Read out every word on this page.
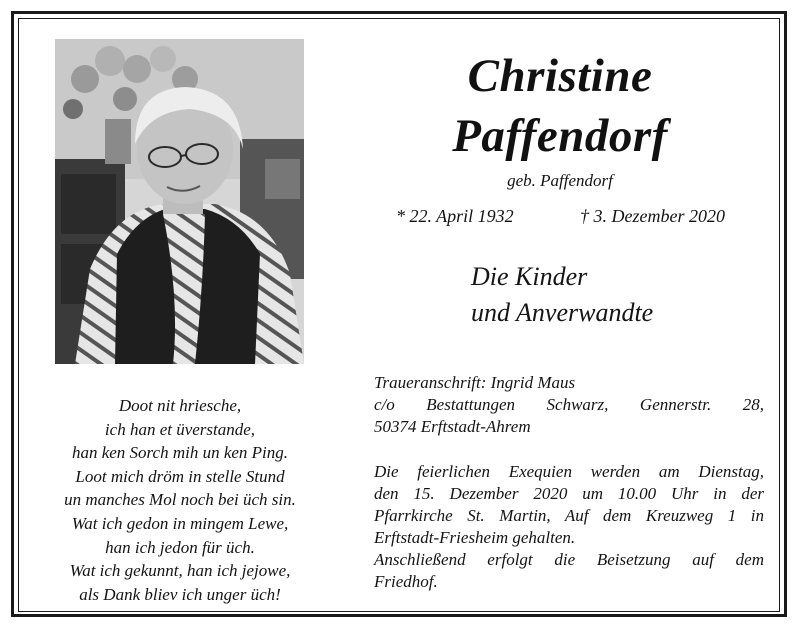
Christine
Paffendorf
geb. Paffendorf
* 22. April 1932	† 3. Dezember 2020
Die Kinder
und Anverwandte
Doot nit hriesche,
ich han et üverstande,
han ken Sorch mih un ken Ping.
Loot mich dröm in stelle Stund
un manches Mol noch bei üch sin.
Wat ich gedon in mingem Lewe,
han ich jedon für üch.
Wat ich gekunnt, han ich jejowe,
als Dank bliev ich unger üch!
Traueranschrift: Ingrid Maus
c/o Bestattungen Schwarz, Gennerstr. 28,
50374 Erftstadt-Ahrem
Die feierlichen Exequien werden am Dienstag,
den 15. Dezember 2020 um 10.00 Uhr in der
Pfarrkirche St. Martin, Auf dem Kreuzweg 1 in
Erftstadt-Friesheim gehalten.
Anschließend erfolgt die Beisetzung auf dem
Friedhof.
